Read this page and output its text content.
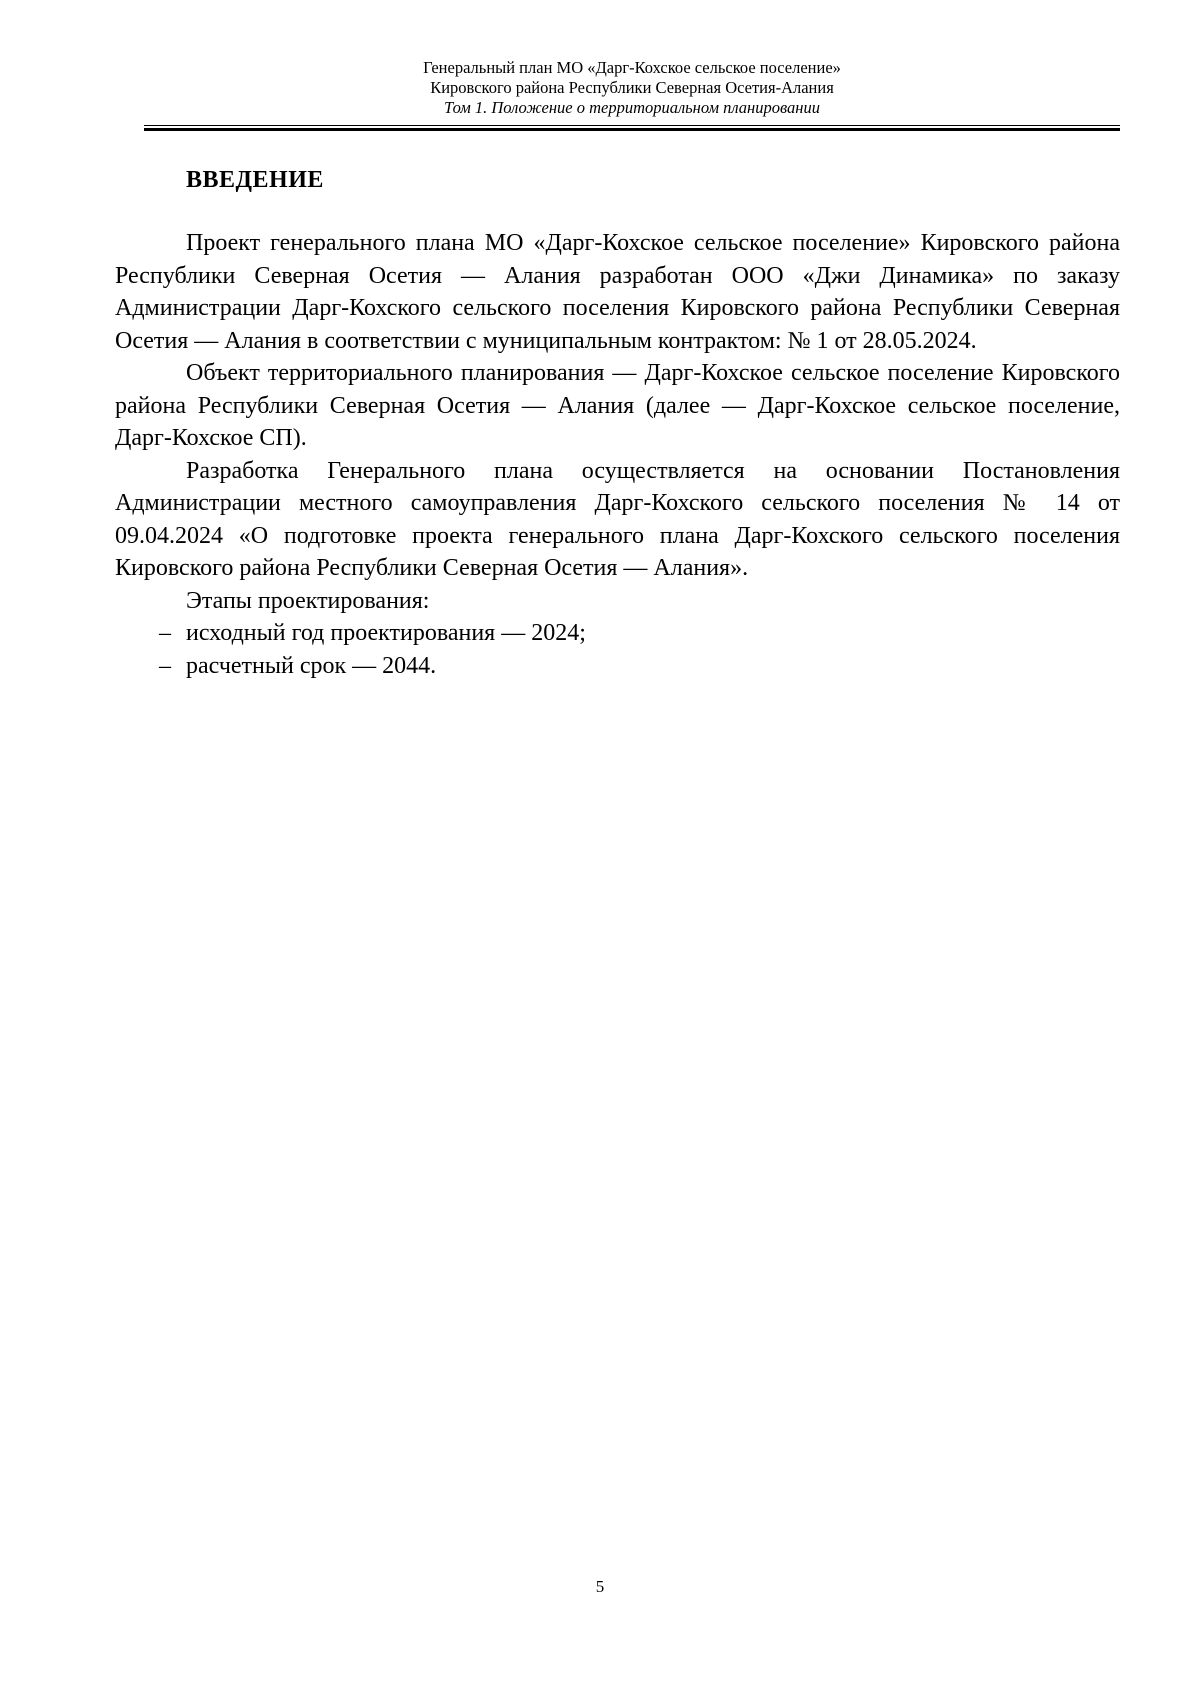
Генеральный план МО «Дарг-Кохское сельское поселение»
Кировского района Республики Северная Осетия-Алания
Том 1. Положение о территориальном планировании
ВВЕДЕНИЕ

Проект генерального плана МО «Дарг-Кохское сельское поселение» Кировского района Республики Северная Осетия — Алания разработан ООО «Джи Динамика» по заказу Администрации Дарг-Кохского сельского поселения Кировского района Республики Северная Осетия — Алания в соответствии с муниципальным контрактом: № 1 от 28.05.2024.

Объект территориального планирования — Дарг-Кохское сельское поселение Кировского района Республики Северная Осетия — Алания (далее — Дарг-Кохское сельское поселение, Дарг-Кохское СП).

Разработка Генерального плана осуществляется на основании Постановления Администрации местного самоуправления Дарг-Кохского сельского поселения № 14 от 09.04.2024 «О подготовке проекта генерального плана Дарг-Кохского сельского поселения Кировского района Республики Северная Осетия — Алания».

Этапы проектирования:

– исходный год проектирования — 2024;
– расчетный срок — 2044.
5
